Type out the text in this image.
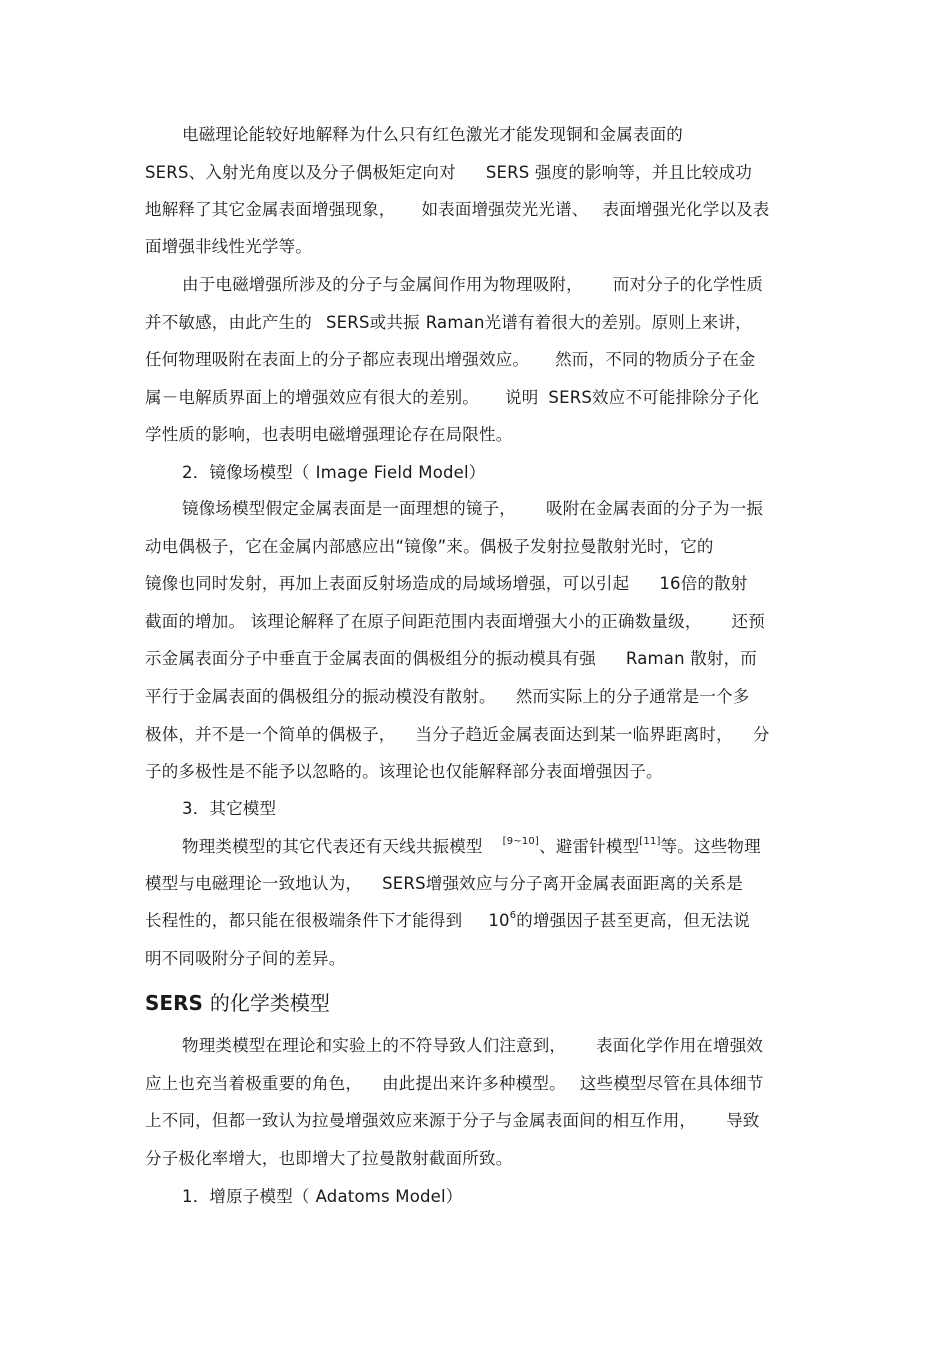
电磁理论能较好地解释为什么只有红色激光才能发现铜和金属表面的
SERS、入射光角度以及分子偶极矩定向对 SERS 强度的影响等，并且比较成功
地解释了其它金属表面增强现象， 如表面增强荧光光谱、 表面增强光化学以及表
面增强非线性光学等。
由于电磁增强所涉及的分子与金属间作用为物理吸附， 而对分子的化学性质
并不敏感，由此产生的 SERS或共振 Raman光谱有着很大的差别。原则上来讲，
任何物理吸附在表面上的分子都应表现出增强效应。 然而，不同的物质分子在金
属－电解质界面上的增强效应有很大的差别。 说明 SERS效应不可能排除分子化
学性质的影响，也表明电磁增强理论存在局限性。
2．镜像场模型（ Image Field Model）
镜像场模型假定金属表面是一面理想的镜子， 吸附在金属表面的分子为一振
动电偶极子，它在金属内部感应出“镜像”来。偶极子发射拉曼散射光时，它的
镜像也同时发射，再加上表面反射场造成的局域场增强，可以引起 16倍的散射
截面的增加。 该理论解释了在原子间距范围内表面增强大小的正确数量级， 还预
示金属表面分子中垂直于金属表面的偶极组分的振动模具有强 Raman 散射，而
平行于金属表面的偶极组分的振动模没有散射。 然而实际上的分子通常是一个多
极体，并不是一个简单的偶极子， 当分子趋近金属表面达到某一临界距离时， 分
子的多极性是不能予以忽略的。该理论也仅能解释部分表面增强因子。
3．其它模型
物理类模型的其它代表还有天线共振模型 [9~10]、避雷针模型[11]等。这些物理
模型与电磁理论一致地认为， SERS增强效应与分子离开金属表面距离的关系是
长程性的，都只能在很极端条件下才能得到 $10^6$的增强因子甚至更高，但无法说
明不同吸附分子间的差异。
SERS 的化学类模型
物理类模型在理论和实验上的不符导致人们注意到， 表面化学作用在增强效
应上也充当着极重要的角色， 由此提出来许多种模型。 这些模型尽管在具体细节
上不同，但都一致认为拉曼增强效应来源于分子与金属表面间的相互作用， 导致
分子极化率增大，也即增大了拉曼散射截面所致。
1．增原子模型（ Adatoms Model）
